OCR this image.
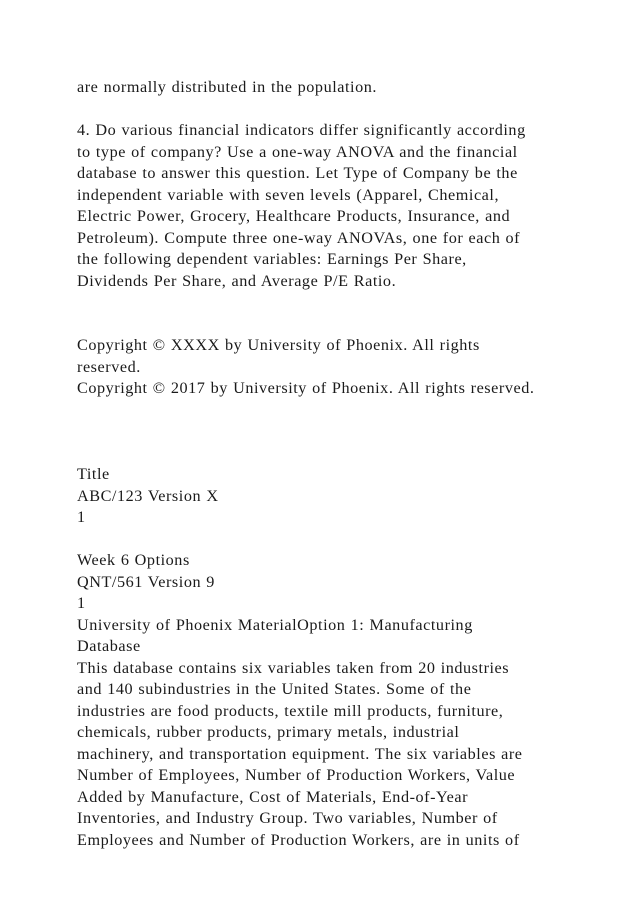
are normally distributed in the population.
4. Do various financial indicators differ significantly according
to type of company? Use a one-way ANOVA and the financial
database to answer this question. Let Type of Company be the
independent variable with seven levels (Apparel, Chemical,
Electric Power, Grocery, Healthcare Products, Insurance, and
Petroleum). Compute three one-way ANOVAs, one for each of
the following dependent variables: Earnings Per Share,
Dividends Per Share, and Average P/E Ratio.
Copyright © XXXX by University of Phoenix. All rights
reserved.
Copyright © 2017 by University of Phoenix. All rights reserved.
Title
ABC/123 Version X
1
Week 6 Options
QNT/561 Version 9
1
University of Phoenix MaterialOption 1: Manufacturing
Database
This database contains six variables taken from 20 industries
and 140 subindustries in the United States. Some of the
industries are food products, textile mill products, furniture,
chemicals, rubber products, primary metals, industrial
machinery, and transportation equipment. The six variables are
Number of Employees, Number of Production Workers, Value
Added by Manufacture, Cost of Materials, End-of-Year
Inventories, and Industry Group. Two variables, Number of
Employees and Number of Production Workers, are in units of
